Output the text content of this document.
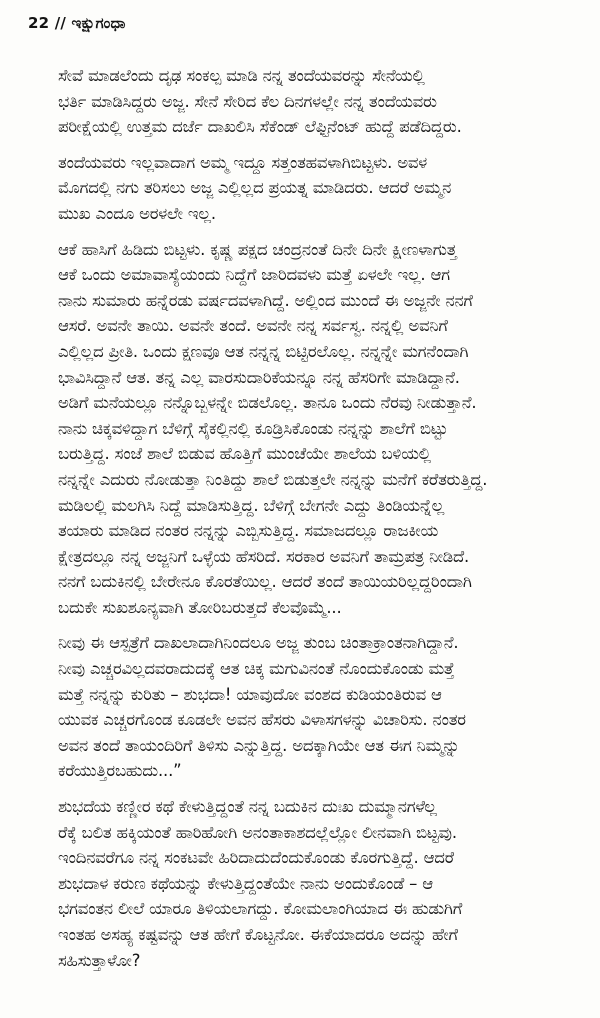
22 // ಇಕ್ಷುಗಂಧಾ
ಸೇವೆ ಮಾಡಲೆಂದು ದೃಢ ಸಂಕಲ್ಪ ಮಾಡಿ ನನ್ನ ತಂದೆಯವರನ್ನು ಸೇನೆಯಲ್ಲಿ
ಭರ್ತಿ ಮಾಡಿಸಿದ್ದರು ಅಜ್ಜ. ಸೇನೆ ಸೇರಿದ ಕೆಲ ದಿನಗಳಲ್ಲೇ ನನ್ನ ತಂದೆಯವರು
ಪರೀಕ್ಷೆಯಲ್ಲಿ ಉತ್ತಮ ದರ್ಜೆ ದಾಖಲಿಸಿ ಸೆಕೆಂಡ್ ಲೆಫ್ಟಿನೆಂಟ್ ಹುದ್ದೆ ಪಡೆದಿದ್ದರು.
ತಂದೆಯವರು ಇಲ್ಲವಾದಾಗ ಅಮ್ಮ ಇದ್ದೂ ಸತ್ತಂತಹವಳಾಗಿಬಿಟ್ಟಳು. ಅವಳ
ಮೊಗದಲ್ಲಿ ನಗು ತರಿಸಲು ಅಜ್ಜ ಎಲ್ಲಿಲ್ಲದ ಪ್ರಯತ್ನ ಮಾಡಿದರು. ಆದರೆ ಅಮ್ಮನ
ಮುಖ ಎಂದೂ ಅರಳಲೇ ಇಲ್ಲ.
ಆಕೆ ಹಾಸಿಗೆ ಹಿಡಿದು ಬಿಟ್ಟಳು. ಕೃಷ್ಣ ಪಕ್ಷದ ಚಂದ್ರನಂತೆ ದಿನೇ ದಿನೇ ಕ್ಷೀಣಳಾಗುತ್ತ
ಆಕೆ ಒಂದು ಅಮಾವಾಸ್ಯೆಯಂದು ನಿದ್ದೆಗೆ ಜಾರಿದವಳು ಮತ್ತೆ ಏಳಲೇ ಇಲ್ಲ. ಆಗ
ನಾನು ಸುಮಾರು ಹನ್ನೆರಡು ವರ್ಷದವಳಾಗಿದ್ದೆ. ಅಲ್ಲಿಂದ ಮುಂದೆ ಈ ಅಜ್ಜನೇ ನನಗೆ
ಆಸರೆ. ಅವನೇ ತಾಯಿ. ಅವನೇ ತಂದೆ. ಅವನೇ ನನ್ನ ಸರ್ವಸ್ವ. ನನ್ನಲ್ಲಿ ಅವನಿಗೆ
ಎಲ್ಲಿಲ್ಲದ ಪ್ರೀತಿ. ಒಂದು ಕ್ಷಣವೂ ಆತ ನನ್ನನ್ನ ಬಿಟ್ಟಿರಲೊಲ್ಲ. ನನ್ನನ್ನೇ ಮಗನೆಂದಾಗಿ
ಭಾವಿಸಿದ್ದಾನೆ ಆತ. ತನ್ನ ಎಲ್ಲ ವಾರಸುದಾರಿಕೆಯನ್ನೂ ನನ್ನ ಹೆಸರಿಗೇ ಮಾಡಿದ್ದಾನೆ.
ಅಡಿಗೆ ಮನೆಯಲ್ಲೂ ನನ್ನೊಬ್ಬಳನ್ನೇ ಬಿಡಲೊಲ್ಲ. ತಾನೂ ಒಂದು ನೆರವು ನೀಡುತ್ತಾನೆ.
ನಾನು ಚಿಕ್ಕವಳಿದ್ದಾಗ ಬೆಳಿಗ್ಗೆ ಸೈಕಲ್ಲಿನಲ್ಲಿ ಕೂಡ್ರಿಸಿಕೊಂಡು ನನ್ನನ್ನು ಶಾಲೆಗೆ ಬಿಟ್ಟು
ಬರುತ್ತಿದ್ದ. ಸಂಜೆ ಶಾಲೆ ಬಿಡುವ ಹೊತ್ತಿಗೆ ಮುಂಚೆಯೇ ಶಾಲೆಯ ಬಳಿಯಲ್ಲಿ
ನನ್ನನ್ನೇ ಎದುರು ನೋಡುತ್ತಾ ನಿಂತಿದ್ದು ಶಾಲೆ ಬಿಡುತ್ತಲೇ ನನ್ನನ್ನು ಮನೆಗೆ ಕರೆತರುತ್ತಿದ್ದ.
ಮಡಿಲಲ್ಲಿ ಮಲಗಿಸಿ ನಿದ್ದೆ ಮಾಡಿಸುತ್ತಿದ್ದ. ಬೆಳಿಗ್ಗೆ ಬೇಗನೇ ಎದ್ದು ತಿಂಡಿಯನ್ನೆಲ್ಲ
ತಯಾರು ಮಾಡಿದ ನಂತರ ನನ್ನನ್ನು ಎಬ್ಬಿಸುತ್ತಿದ್ದ. ಸಮಾಜದಲ್ಲೂ ರಾಜಕೀಯ
ಕ್ಷೇತ್ರದಲ್ಲೂ ನನ್ನ ಅಜ್ಜನಿಗೆ ಒಳ್ಳೆಯ ಹೆಸರಿದೆ. ಸರಕಾರ ಅವನಿಗೆ ತಾಮ್ರಪತ್ರ ನೀಡಿದೆ.
ನನಗೆ ಬದುಕಿನಲ್ಲಿ ಬೇರೇನೂ ಕೊರತೆಯಿಲ್ಲ. ಆದರೆ ತಂದೆ ತಾಯಿಯರಿಲ್ಲದ್ದರಿಂದಾಗಿ
ಬದುಕೇ ಸುಖಶೂನ್ಯವಾಗಿ ತೋರಿಬರುತ್ತದೆ ಕೆಲವೊಮ್ಮೆ...
ನೀವು ಈ ಆಸ್ಪತ್ರೆಗೆ ದಾಖಲಾದಾಗಿನಿಂದಲೂ ಅಜ್ಜ ತುಂಬ ಚಿಂತಾಕ್ರಾಂತನಾಗಿದ್ದಾನೆ.
ನೀವು ಎಚ್ಚರವಿಲ್ಲದವರಾದುದಕ್ಕೆ ಆತ ಚಿಕ್ಕ ಮಗುವಿನಂತೆ ನೊಂದುಕೊಂಡು ಮತ್ತೆ
ಮತ್ತೆ ನನ್ನನ್ನು ಕುರಿತು – ಶುಭದಾ! ಯಾವುದೋ ವಂಶದ ಕುಡಿಯಂತಿರುವ ಆ
ಯುವಕ ಎಚ್ಚರಗೊಂಡ ಕೂಡಲೇ ಅವನ ಹೆಸರು ವಿಳಾಸಗಳನ್ನು ವಿಚಾರಿಸು. ನಂತರ
ಅವನ ತಂದೆ ತಾಯಂದಿರಿಗೆ ತಿಳಿಸು ಎನ್ನುತ್ತಿದ್ದ. ಅದಕ್ಕಾಗಿಯೇ ಆತ ಈಗ ನಿಮ್ಮನ್ನು
ಕರೆಯುತ್ತಿರಬಹುದು...”
ಶುಭದೆಯ ಕಣ್ಣೀರ ಕಥೆ ಕೇಳುತ್ತಿದ್ದಂತೆ ನನ್ನ ಬದುಕಿನ ದುಃಖ ದುಮ್ಮಾನಗಳೆಲ್ಲ
ರೆಕ್ಕೆ ಬಲಿತ ಹಕ್ಕಿಯಂತೆ ಹಾರಿಹೋಗಿ ಅನಂತಾಕಾಶದಲ್ಲೆಲ್ಲೋ ಲೀನವಾಗಿ ಬಿಟ್ಟವು.
ಇಂದಿನವರೆಗೂ ನನ್ನ ಸಂಕಟವೇ ಹಿರಿದಾದುದೆಂದುಕೊಂಡು ಕೊರಗುತ್ತಿದ್ದೆ. ಆದರೆ
ಶುಭದಾಳ ಕರುಣ ಕಥೆಯನ್ನು ಕೇಳುತ್ತಿದ್ದಂತೆಯೇ ನಾನು ಅಂದುಕೊಂಡೆ – ಆ
ಭಗವಂತನ ಲೀಲೆ ಯಾರೂ ತಿಳಿಯಲಾಗದ್ದು. ಕೋಮಲಾಂಗಿಯಾದ ಈ ಹುಡುಗಿಗೆ
ಇಂತಹ ಅಸಹ್ಯ ಕಷ್ಟವನ್ನು ಆತ ಹೇಗೆ ಕೊಟ್ಟನೋ. ಈಕೆಯಾದರೂ ಅದನ್ನು ಹೇಗೆ
ಸಹಿಸುತ್ತಾಳೋ?
